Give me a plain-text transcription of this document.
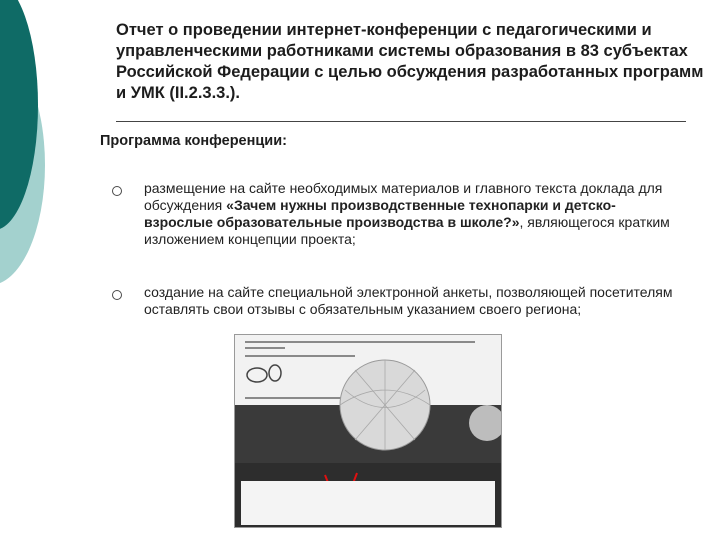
Отчет о проведении интернет-конференции с педагогическими и управленческими работниками системы образования в 83 субъектах Российской Федерации с целью обсуждения разработанных программ и УМК (II.2.3.3.).
Программа конференции:
размещение на сайте необходимых материалов и главного текста доклада для обсуждения «Зачем нужны производственные технопарки и детско-взрослые образовательные производства в школе?», являющегося кратким изложением концепции проекта;
создание на сайте специальной электронной анкеты, позволяющей посетителям оставлять свои отзывы с обязательным указанием своего региона;
